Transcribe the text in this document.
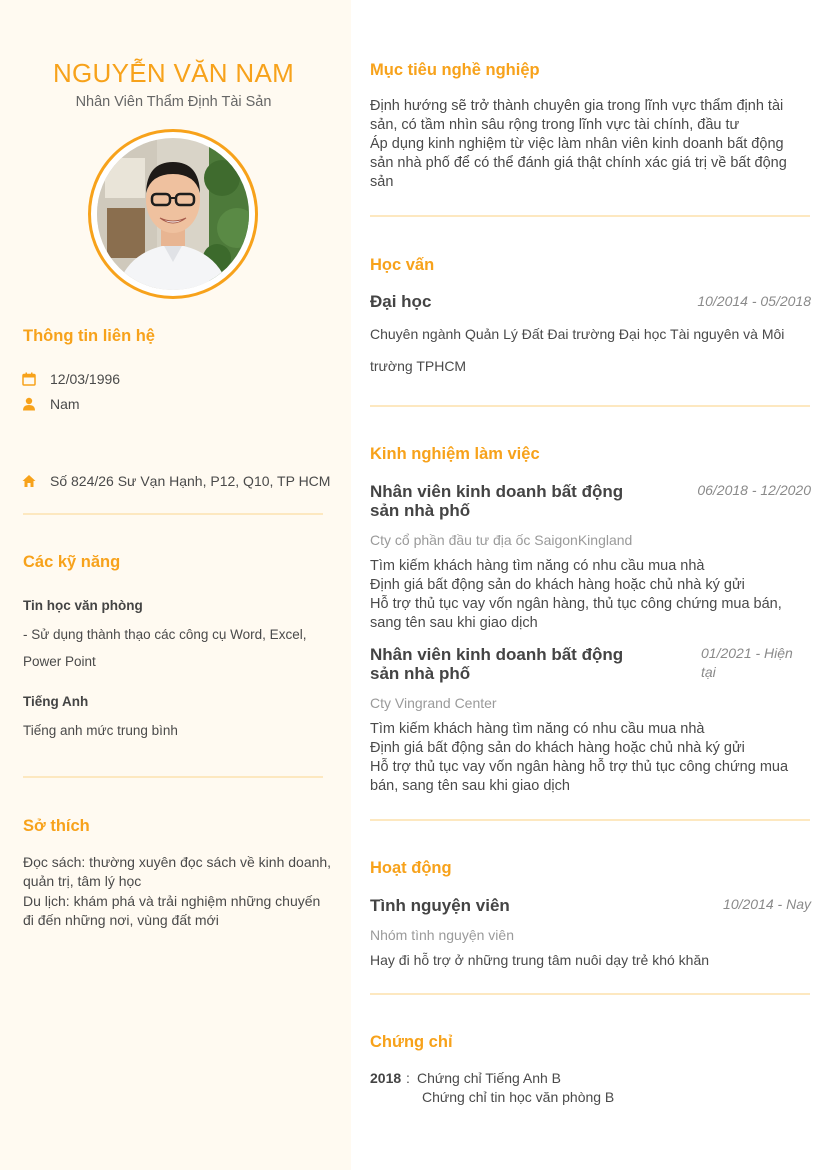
NGUYỄN VĂN NAM
Nhân Viên Thẩm Định Tài Sản
Thông tin liên hệ
12/03/1996
Nam
Số 824/26 Sư Vạn Hạnh, P12, Q10, TP HCM
Các kỹ năng
Tin học văn phòng
- Sử dụng thành thạo các công cụ Word, Excel,
Power Point
Tiếng Anh
Tiếng anh mức trung bình
Sở thích
Đọc sách: thường xuyên đọc sách về kinh doanh,
quản trị, tâm lý học
Du lịch: khám phá và trải nghiệm những chuyến
đi đến những nơi, vùng đất mới
Mục tiêu nghề nghiệp
Định hướng sẽ trở thành chuyên gia trong lĩnh vực thẩm định tài
sản, có tầm nhìn sâu rộng trong lĩnh vực tài chính, đầu tư
Áp dụng kinh nghiệm từ việc làm nhân viên kinh doanh bất động
sản nhà phố để có thể đánh giá thật chính xác giá trị về bất động
sản
Học vấn
Đại học	10/2014 - 05/2018
Chuyên ngành Quản Lý Đất Đai trường Đại học Tài nguyên và Môi
trường TPHCM
Kinh nghiệm làm việc
Nhân viên kinh doanh bất động
sản nhà phố
06/2018 - 12/2020
Cty cổ phần đầu tư địa ốc SaigonKingland
Tìm kiếm khách hàng tìm năng có nhu cầu mua nhà
Định giá bất động sản do khách hàng hoặc chủ nhà ký gửi
Hỗ trợ thủ tục vay vốn ngân hàng, thủ tục công chứng mua bán,
sang tên sau khi giao dịch
Nhân viên kinh doanh bất động
sản nhà phố
01/2021 - Hiện
tại
Cty Vingrand Center
Tìm kiếm khách hàng tìm năng có nhu cầu mua nhà
Định giá bất động sản do khách hàng hoặc chủ nhà ký gửi
Hỗ trợ thủ tục vay vốn ngân hàng hỗ trợ thủ tục công chứng mua
bán, sang tên sau khi giao dịch
Hoạt động
Tình nguyện viên	10/2014 - Nay
Nhóm tình nguyện viên
Hay đi hỗ trợ ở những trung tâm nuôi dạy trẻ khó khăn
Chứng chỉ
2018 : Chứng chỉ Tiếng Anh B
Chứng chỉ tin học văn phòng B
